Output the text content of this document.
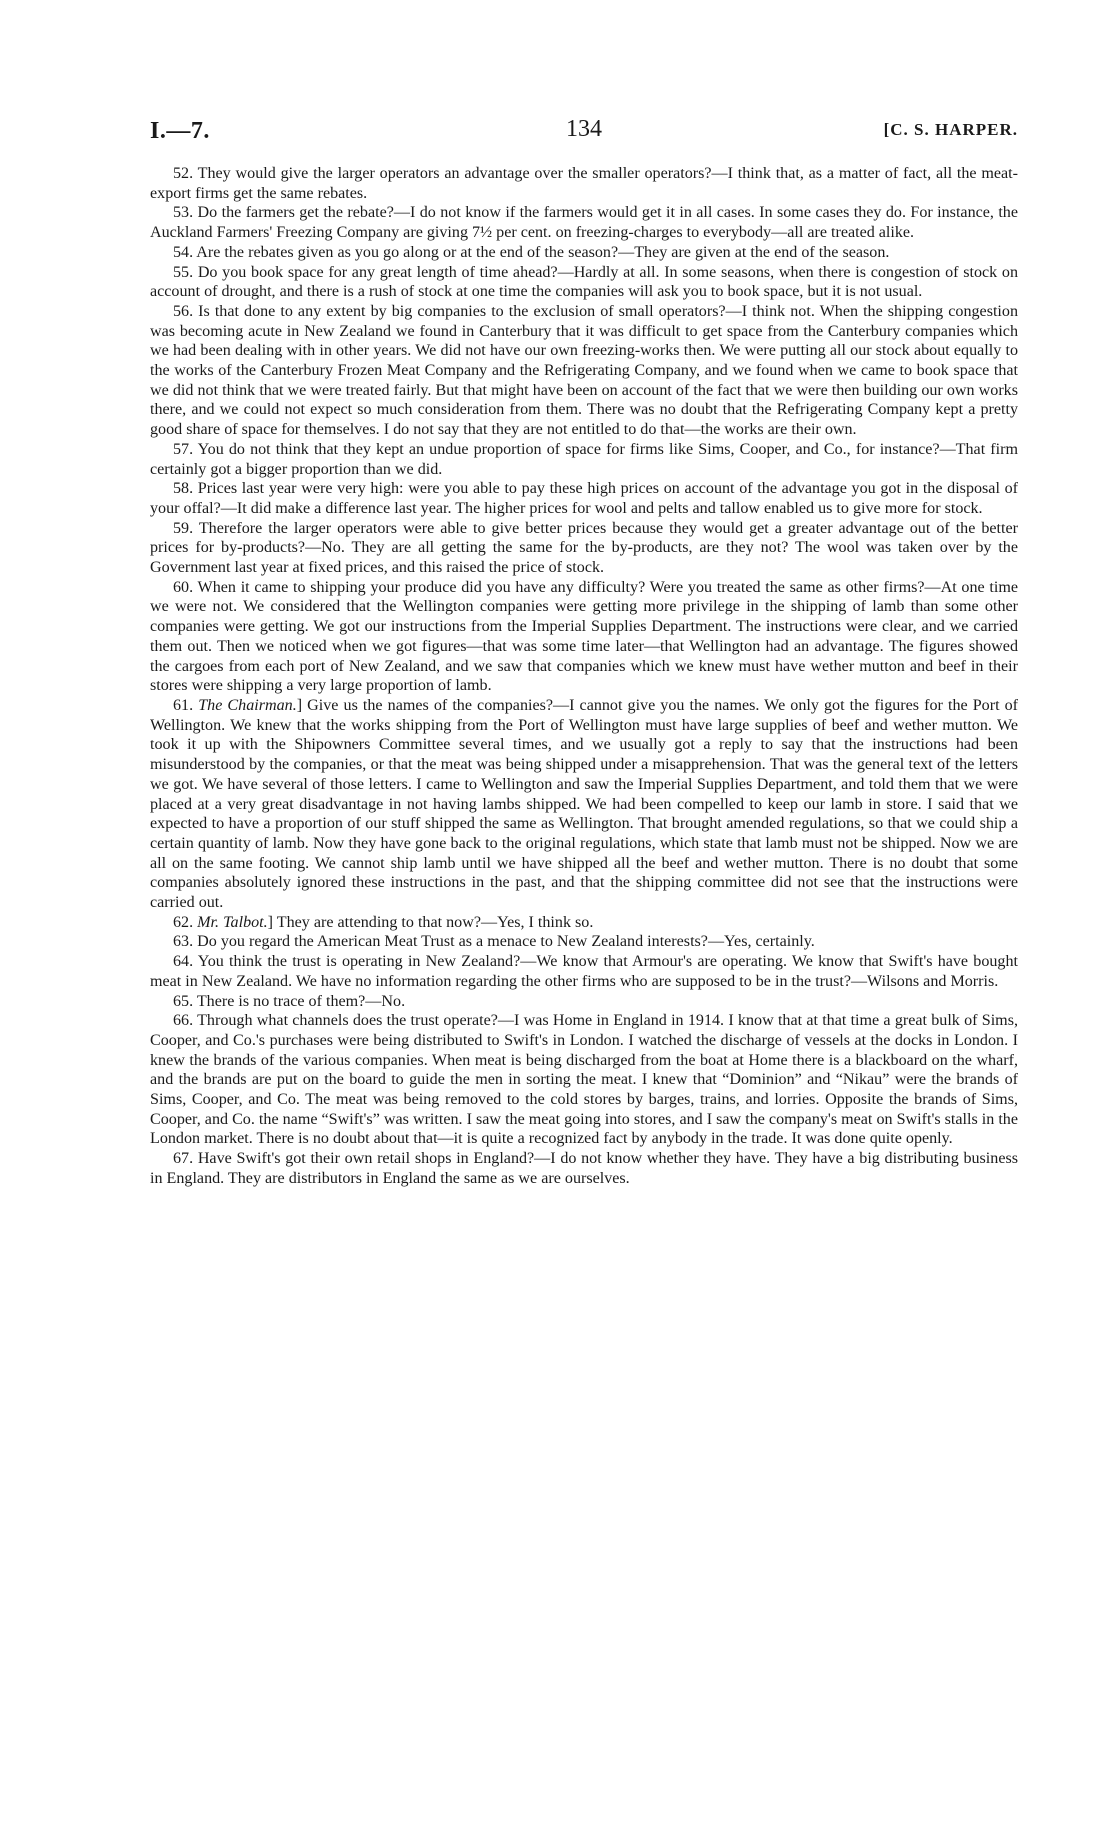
I.—7.	134	[C. S. HARPER.

52. They would give the larger operators an advantage over the smaller operators?—I think that, as a matter of fact, all the meat-export firms get the same rebates.

53. Do the farmers get the rebate?—I do not know if the farmers would get it in all cases. In some cases they do. For instance, the Auckland Farmers' Freezing Company are giving 7½ per cent. on freezing-charges to everybody—all are treated alike.

54. Are the rebates given as you go along or at the end of the season?—They are given at the end of the season.

55. Do you book space for any great length of time ahead?—Hardly at all. In some seasons, when there is congestion of stock on account of drought, and there is a rush of stock at one time the companies will ask you to book space, but it is not usual.

56. Is that done to any extent by big companies to the exclusion of small operators?—I think not. When the shipping congestion was becoming acute in New Zealand we found in Canterbury that it was difficult to get space from the Canterbury companies which we had been dealing with in other years. We did not have our own freezing-works then. We were putting all our stock about equally to the works of the Canterbury Frozen Meat Company and the Refrigerating Company, and we found when we came to book space that we did not think that we were treated fairly. But that might have been on account of the fact that we were then building our own works there, and we could not expect so much consideration from them. There was no doubt that the Refrigerating Company kept a pretty good share of space for themselves. I do not say that they are not entitled to do that—the works are their own.

57. You do not think that they kept an undue proportion of space for firms like Sims, Cooper, and Co., for instance?—That firm certainly got a bigger proportion than we did.

58. Prices last year were very high: were you able to pay these high prices on account of the advantage you got in the disposal of your offal?—It did make a difference last year. The higher prices for wool and pelts and tallow enabled us to give more for stock.

59. Therefore the larger operators were able to give better prices because they would get a greater advantage out of the better prices for by-products?—No. They are all getting the same for the by-products, are they not? The wool was taken over by the Government last year at fixed prices, and this raised the price of stock.

60. When it came to shipping your produce did you have any difficulty? Were you treated the same as other firms?—At one time we were not. We considered that the Wellington companies were getting more privilege in the shipping of lamb than some other companies were getting. We got our instructions from the Imperial Supplies Department. The instructions were clear, and we carried them out. Then we noticed when we got figures—that was some time later—that Wellington had an advantage. The figures showed the cargoes from each port of New Zealand, and we saw that companies which we knew must have wether mutton and beef in their stores were shipping a very large proportion of lamb.

61. The Chairman.] Give us the names of the companies?—I cannot give you the names. We only got the figures for the Port of Wellington. We knew that the works shipping from the Port of Wellington must have large supplies of beef and wether mutton. We took it up with the Shipowners Committee several times, and we usually got a reply to say that the instructions had been misunderstood by the companies, or that the meat was being shipped under a misapprehension. That was the general text of the letters we got. We have several of those letters. I came to Wellington and saw the Imperial Supplies Department, and told them that we were placed at a very great disadvantage in not having lambs shipped. We had been compelled to keep our lamb in store. I said that we expected to have a proportion of our stuff shipped the same as Wellington. That brought amended regulations, so that we could ship a certain quantity of lamb. Now they have gone back to the original regulations, which state that lamb must not be shipped. Now we are all on the same footing. We cannot ship lamb until we have shipped all the beef and wether mutton. There is no doubt that some companies absolutely ignored these instructions in the past, and that the shipping committee did not see that the instructions were carried out.

62. Mr. Talbot.] They are attending to that now?—Yes, I think so.

63. Do you regard the American Meat Trust as a menace to New Zealand interests?—Yes, certainly.

64. You think the trust is operating in New Zealand?—We know that Armour's are operating. We know that Swift's have bought meat in New Zealand. We have no information regarding the other firms who are supposed to be in the trust?—Wilsons and Morris.

65. There is no trace of them?—No.

66. Through what channels does the trust operate?—I was Home in England in 1914. I know that at that time a great bulk of Sims, Cooper, and Co.'s purchases were being distributed to Swift's in London. I watched the discharge of vessels at the docks in London. I knew the brands of the various companies. When meat is being discharged from the boat at Home there is a blackboard on the wharf, and the brands are put on the board to guide the men in sorting the meat. I knew that “Dominion” and “Nikau” were the brands of Sims, Cooper, and Co. The meat was being removed to the cold stores by barges, trains, and lorries. Opposite the brands of Sims, Cooper, and Co. the name “Swift's” was written. I saw the meat going into stores, and I saw the company's meat on Swift's stalls in the London market. There is no doubt about that—it is quite a recognized fact by anybody in the trade. It was done quite openly.

67. Have Swift's got their own retail shops in England?—I do not know whether they have. They have a big distributing business in England. They are distributors in England the same as we are ourselves.
